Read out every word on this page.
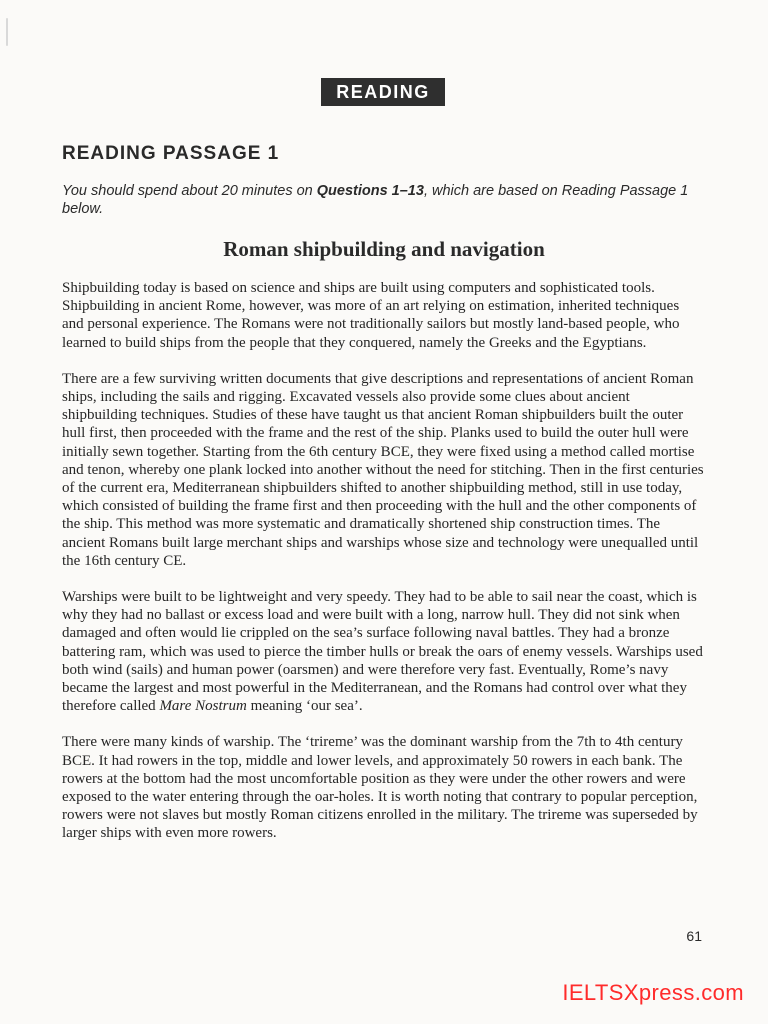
READING
READING PASSAGE 1
You should spend about 20 minutes on Questions 1–13, which are based on Reading Passage 1 below.
Roman shipbuilding and navigation

Shipbuilding today is based on science and ships are built using computers and sophisticated tools. Shipbuilding in ancient Rome, however, was more of an art relying on estimation, inherited techniques and personal experience. The Romans were not traditionally sailors but mostly land-based people, who learned to build ships from the people that they conquered, namely the Greeks and the Egyptians.

There are a few surviving written documents that give descriptions and representations of ancient Roman ships, including the sails and rigging. Excavated vessels also provide some clues about ancient shipbuilding techniques. Studies of these have taught us that ancient Roman shipbuilders built the outer hull first, then proceeded with the frame and the rest of the ship. Planks used to build the outer hull were initially sewn together. Starting from the 6th century BCE, they were fixed using a method called mortise and tenon, whereby one plank locked into another without the need for stitching. Then in the first centuries of the current era, Mediterranean shipbuilders shifted to another shipbuilding method, still in use today, which consisted of building the frame first and then proceeding with the hull and the other components of the ship. This method was more systematic and dramatically shortened ship construction times. The ancient Romans built large merchant ships and warships whose size and technology were unequalled until the 16th century CE.

Warships were built to be lightweight and very speedy. They had to be able to sail near the coast, which is why they had no ballast or excess load and were built with a long, narrow hull. They did not sink when damaged and often would lie crippled on the sea’s surface following naval battles. They had a bronze battering ram, which was used to pierce the timber hulls or break the oars of enemy vessels. Warships used both wind (sails) and human power (oarsmen) and were therefore very fast. Eventually, Rome’s navy became the largest and most powerful in the Mediterranean, and the Romans had control over what they therefore called Mare Nostrum meaning ‘our sea’.

There were many kinds of warship. The ‘trireme’ was the dominant warship from the 7th to 4th century BCE. It had rowers in the top, middle and lower levels, and approximately 50 rowers in each bank. The rowers at the bottom had the most uncomfortable position as they were under the other rowers and were exposed to the water entering through the oar-holes. It is worth noting that contrary to popular perception, rowers were not slaves but mostly Roman citizens enrolled in the military. The trireme was superseded by larger ships with even more rowers.

61
IELTSXpress.com
